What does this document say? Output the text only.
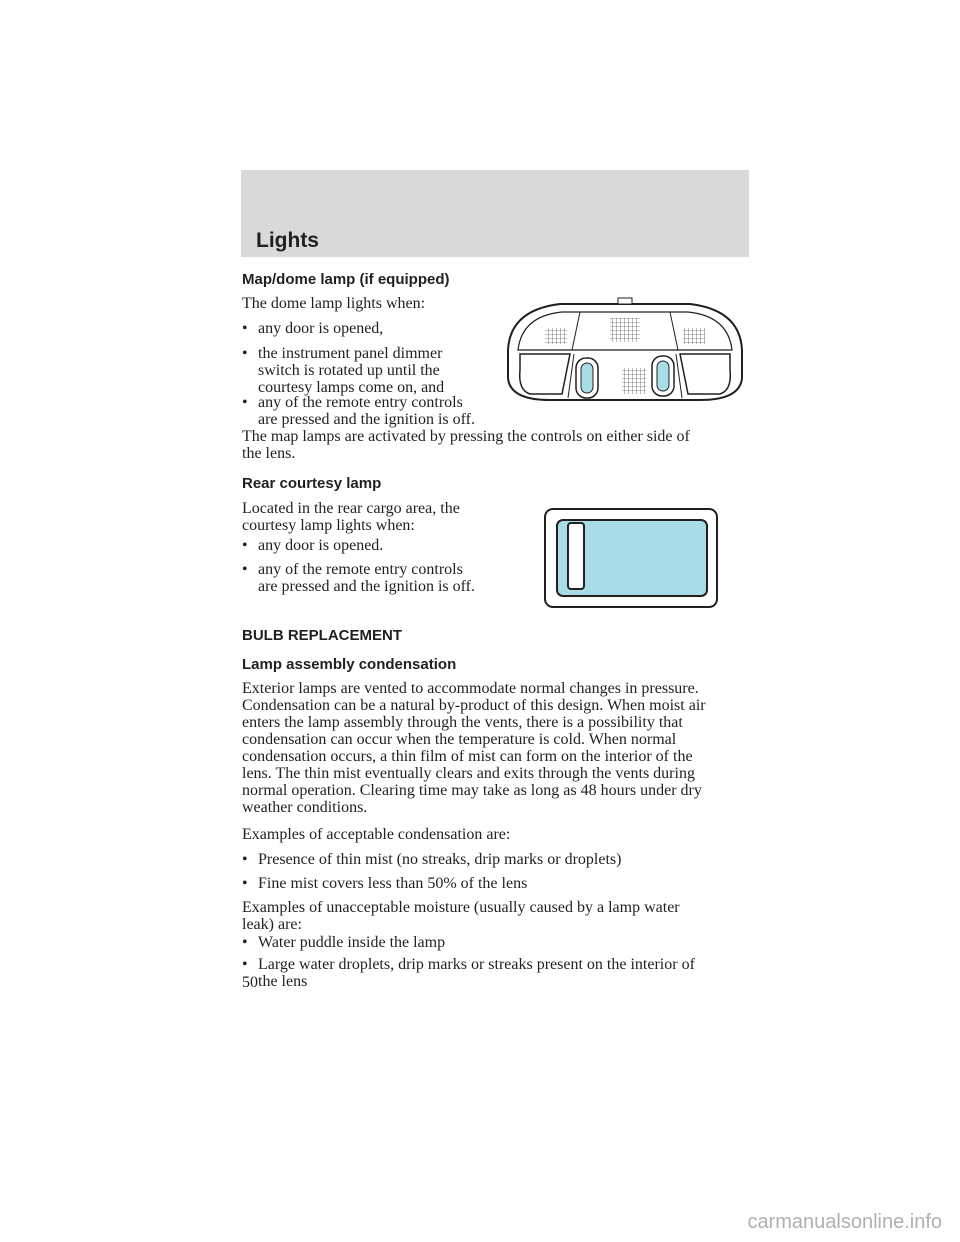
Lights
Map/dome lamp (if equipped)
The dome lamp lights when:
• any door is opened,
• the instrument panel dimmer
switch is rotated up until the
courtesy lamps come on, and
• any of the remote entry controls
are pressed and the ignition is off.
The map lamps are activated by pressing the controls on either side of
the lens.
Rear courtesy lamp
Located in the rear cargo area, the
courtesy lamp lights when:
• any door is opened.
• any of the remote entry controls
are pressed and the ignition is off.
BULB REPLACEMENT
Lamp assembly condensation
Exterior lamps are vented to accommodate normal changes in pressure.
Condensation can be a natural by-product of this design. When moist air
enters the lamp assembly through the vents, there is a possibility that
condensation can occur when the temperature is cold. When normal
condensation occurs, a thin film of mist can form on the interior of the
lens. The thin mist eventually clears and exits through the vents during
normal operation. Clearing time may take as long as 48 hours under dry
weather conditions.
Examples of acceptable condensation are:
• Presence of thin mist (no streaks, drip marks or droplets)
• Fine mist covers less than 50% of the lens
Examples of unacceptable moisture (usually caused by a lamp water
leak) are:
• Water puddle inside the lamp
• Large water droplets, drip marks or streaks present on the interior of
the lens
50
carmanualsonline.info
